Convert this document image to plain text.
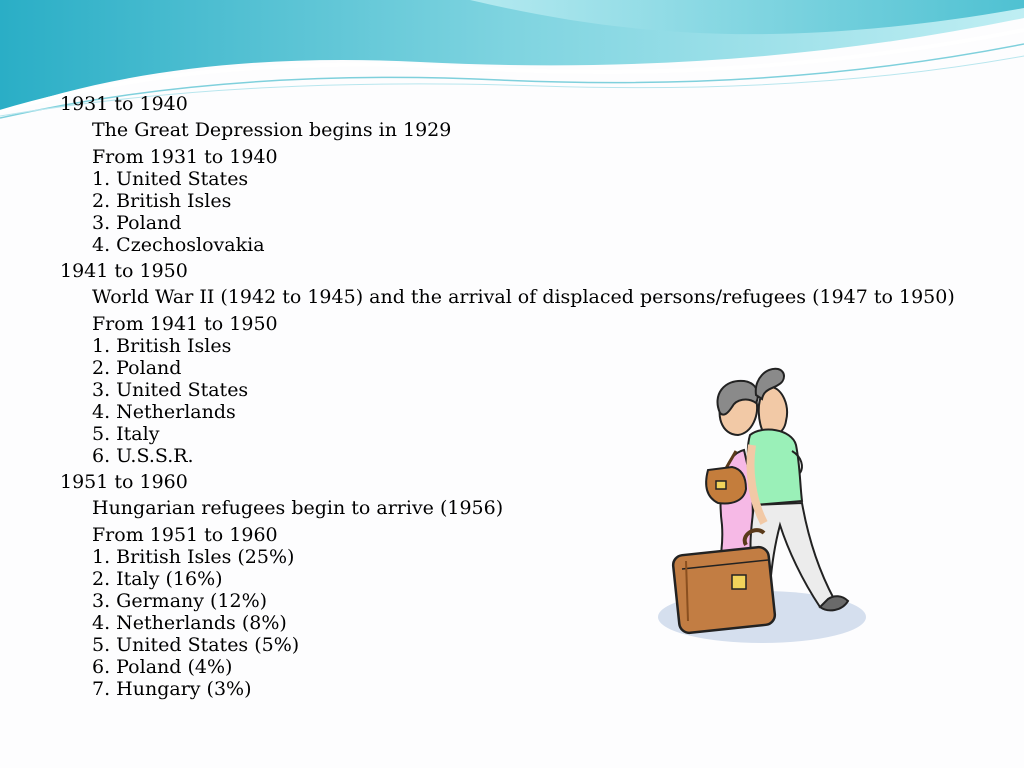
1931 to 1940
The Great Depression begins in 1929
From 1931 to 1940
1. United States
2. British Isles
3. Poland
4. Czechoslovakia
1941 to 1950
World War II (1942 to 1945) and the arrival of displaced persons/refugees (1947 to 1950)
From 1941 to 1950
1. British Isles
2. Poland
3. United States
4. Netherlands
5. Italy
6. U.S.S.R.
1951 to 1960
Hungarian refugees begin to arrive (1956)
From 1951 to 1960
1. British Isles (25%)
2. Italy (16%)
3. Germany (12%)
4. Netherlands (8%)
5. United States (5%)
6. Poland (4%)
7. Hungary (3%)
